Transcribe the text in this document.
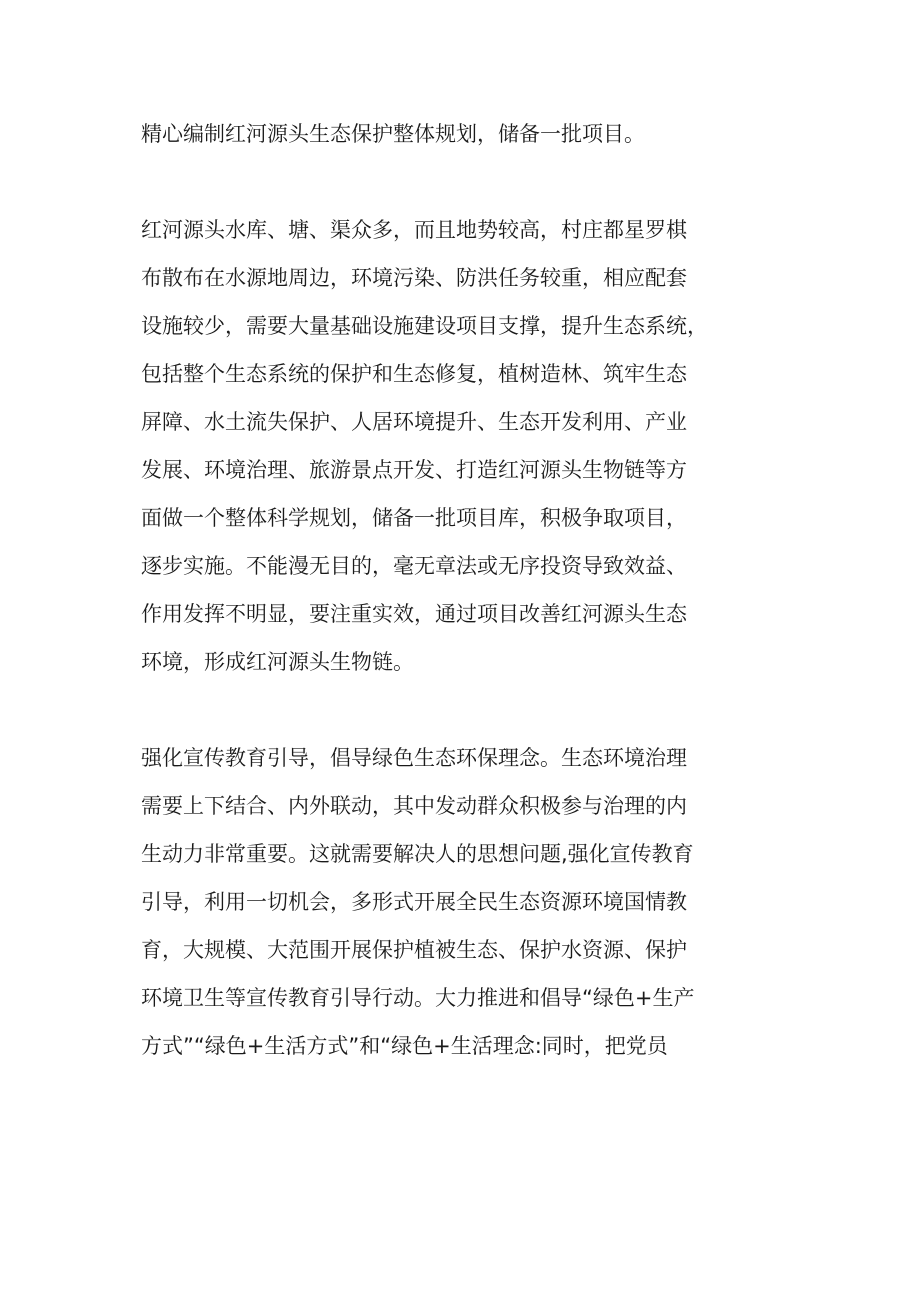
精心编制红河源头生态保护整体规划，储备一批项目。
红河源头水库、塘、渠众多，而且地势较高，村庄都星罗棋
布散布在水源地周边，环境污染、防洪任务较重，相应配套
设施较少，需要大量基础设施建设项目支撑，提升生态系统，
包括整个生态系统的保护和生态修复，植树造林、筑牢生态
屏障、水土流失保护、人居环境提升、生态开发利用、产业
发展、环境治理、旅游景点开发、打造红河源头生物链等方
面做一个整体科学规划，储备一批项目库，积极争取项目，
逐步实施。不能漫无目的，毫无章法或无序投资导致效益、
作用发挥不明显，要注重实效，通过项目改善红河源头生态
环境，形成红河源头生物链。
强化宣传教育引导，倡导绿色生态环保理念。生态环境治理
需要上下结合、内外联动，其中发动群众积极参与治理的内
生动力非常重要。这就需要解决人的思想问题,强化宣传教育
引导，利用一切机会，多形式开展全民生态资源环境国情教
育，大规模、大范围开展保护植被生态、保护水资源、保护
环境卫生等宣传教育引导行动。大力推进和倡导“绿色+生产
方式”“绿色+生活方式”和“绿色+生活理念:同时，把党员
